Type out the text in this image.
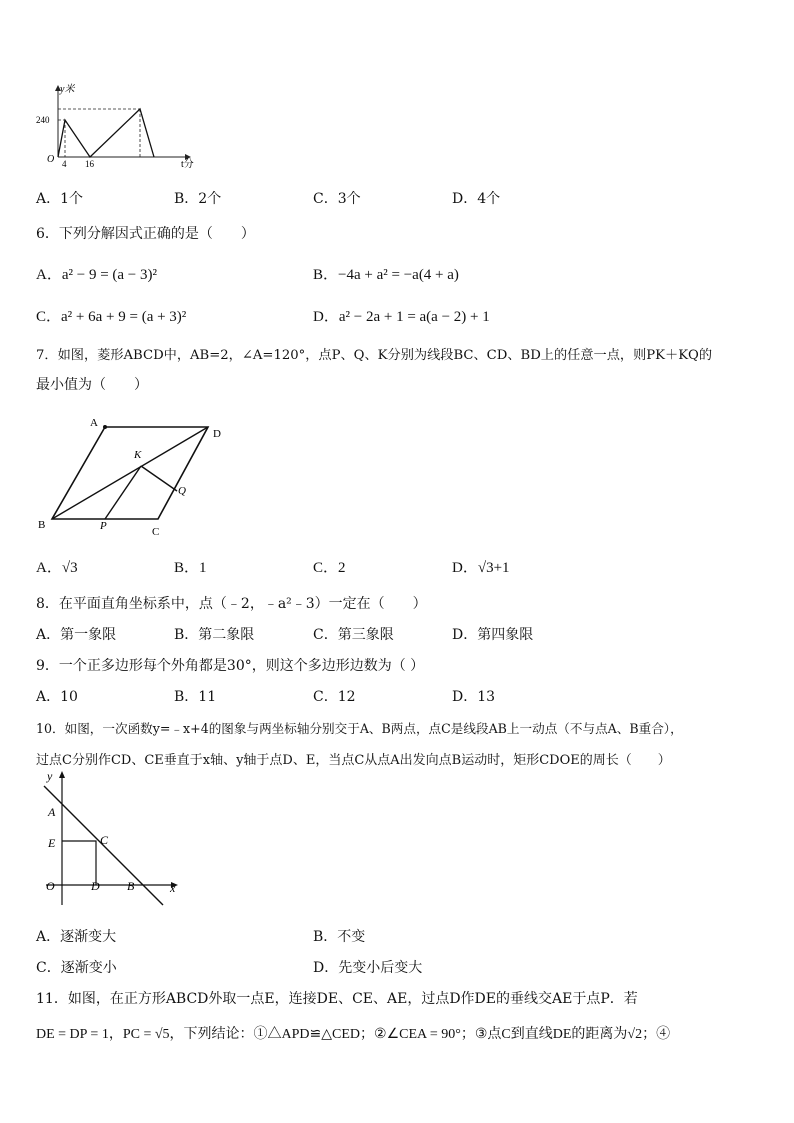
y米
240
O 4 16	t分
A．1个	B．2个	C．3个	D．4个
6．下列分解因式正确的是（　　）
A．a² − 9 = (a − 3)²	B．−4a + a² = −a(4 + a)
C．a² + 6a + 9 = (a + 3)²	D．a² − 2a + 1 = a(a − 2) + 1
7．如图，菱形ABCD中，AB=2，∠A=120°，点P、Q、K分别为线段BC、CD、BD上的任意一点，则PK＋KQ的
最小值为（　　）
A
D
B
C
K
Q
P
A．√3	B．1	C．2	D．√3+1
8．在平面直角坐标系中，点（﹣2，﹣a²﹣3）一定在（　　）
A．第一象限	B．第二象限	C．第三象限	D．第四象限
9．一个正多边形每个外角都是30°，则这个多边形边数为（ ）
A．10	B．11	C．12	D．13
10．如图，一次函数y=﹣x+4的图象与两坐标轴分别交于A、B两点，点C是线段AB上一动点（不与点A、B重合），
过点C分别作CD、CE垂直于x轴、y轴于点D、E，当点C从点A出发向点B运动时，矩形CDOE的周长（　　）
y
A
E	C
O	D B	x
A．逐渐变大	B．不变
C．逐渐变小	D．先变小后变大
11．如图，在正方形ABCD外取一点E，连接DE、CE、AE，过点D作DE的垂线交AE于点P．若
DE = DP = 1，PC = √5，下列结论：①△APD≌△CED；②∠CEA = 90°；③点C到直线DE的距离为√2；④
